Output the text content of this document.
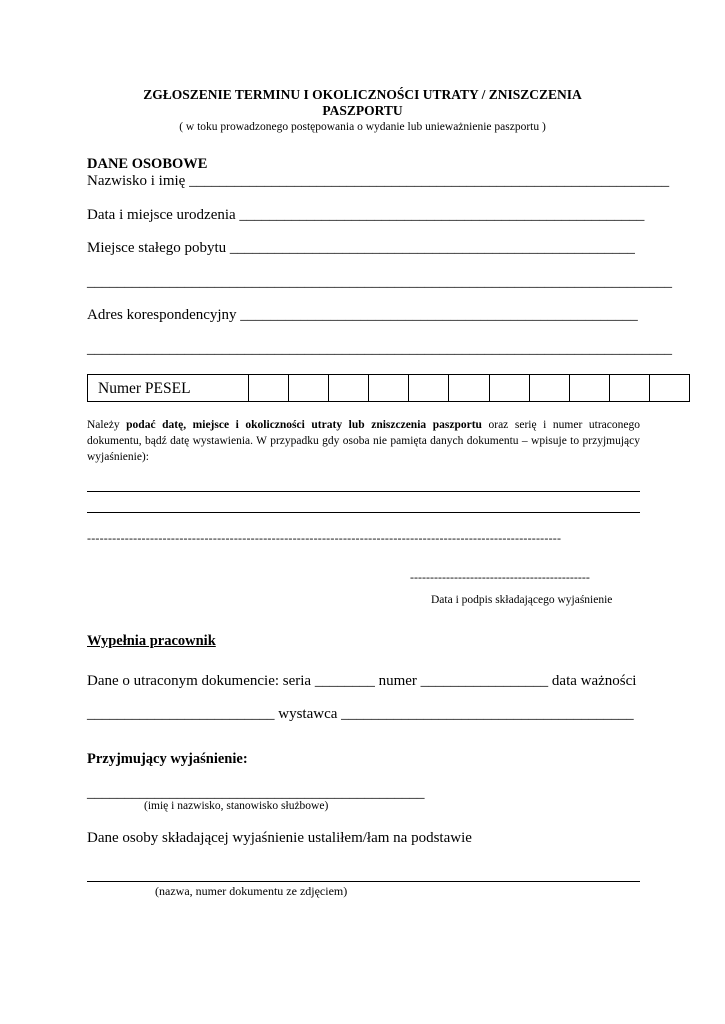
ZGŁOSZENIE TERMINU I OKOLICZNOŚCI UTRATY / ZNISZCZENIA
PASZPORTU
( w toku prowadzonego postępowania o wydanie lub unieważnienie paszportu )
DANE OSOBOWE
Nazwisko i imię ________________________________________________________________
Data i miejsce urodzenia ______________________________________________________
Miejsce stałego pobytu ______________________________________________________
______________________________________________________________________________
Adres korespondencyjny _____________________________________________________
______________________________________________________________________________
Numer PESEL
Należy podać datę, miejsce i okoliczności utraty lub zniszczenia paszportu oraz serię i numer utraconego dokumentu, bądź datę wystawienia. W przypadku gdy osoba nie pamięta danych dokumentu – wpisuje to przyjmujący wyjaśnienie):
-----------------------------------------------------------------------------------------------------------------
---------------------------------------------
Data i podpis składającego wyjaśnienie
Wypełnia pracownik
Dane o utraconym dokumencie: seria ________ numer _________________ data ważności
_________________________ wystawca _______________________________________
Przyjmujący wyjaśnienie:
_____________________________________________
(imię i nazwisko, stanowisko służbowe)
Dane osoby składającej wyjaśnienie ustaliłem/łam na podstawie
(nazwa, numer dokumentu ze zdjęciem)
